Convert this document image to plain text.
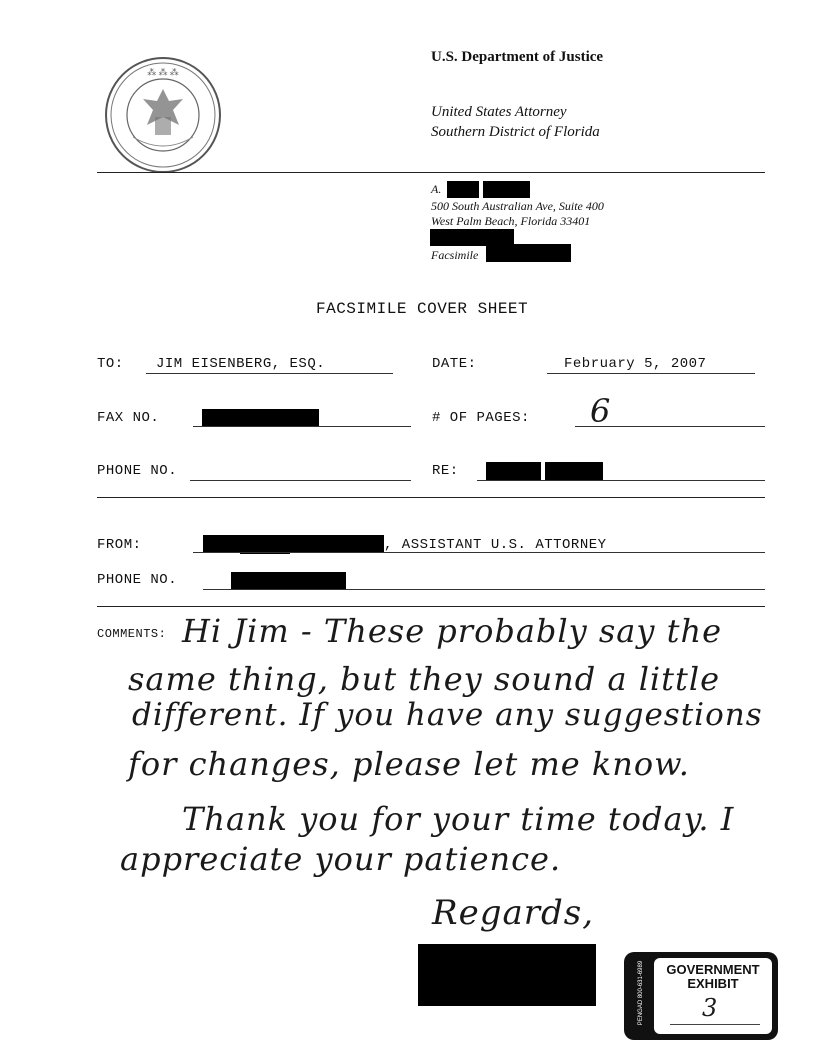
⁂ ⁂ ⁂
U.S. Department of Justice
United States Attorney
Southern District of Florida
A.
500 South Australian Ave, Suite 400
West Palm Beach, Florida 33401
Facsimile
FACSIMILE COVER SHEET
TO: JIM EISENBERG, ESQ.	DATE:	February 5, 2007
FAX NO.	# OF PAGES: 6
PHONE NO.	RE:
FROM:	, ASSISTANT U.S. ATTORNEY
PHONE NO.
COMMENTS: Hi Jim - These probably say the
same thing, but they sound a little
different. If you have any suggestions
for changes, please let me know.
Thank you for your time today. I
appreciate your patience.
Regards,
GOVERNMENT
EXHIBIT
3
PENGAD 800-631-6989
